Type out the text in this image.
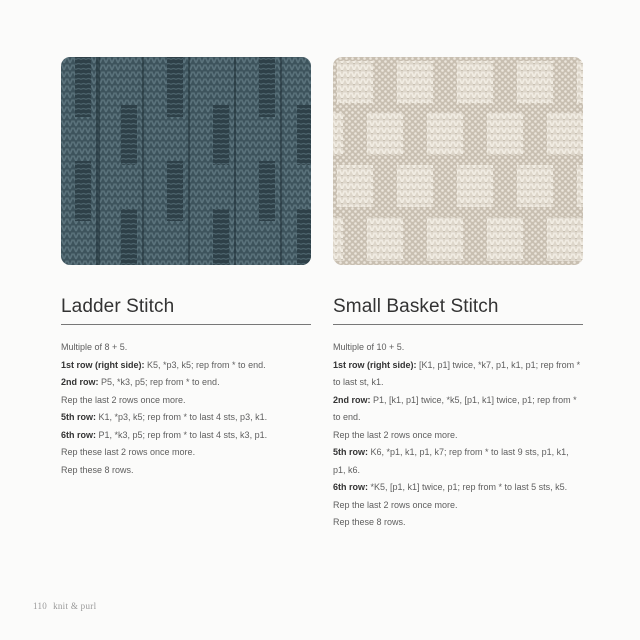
Ladder Stitch

Multiple of 8 + 5.

1st row (right side): K5, *p3, k5; rep from * to end.

2nd row: P5, *k3, p5; rep from * to end.

Rep the last 2 rows once more.

5th row: K1, *p3, k5; rep from * to last 4 sts, p3, k1.

6th row: P1, *k3, p5; rep from * to last 4 sts, k3, p1.

Rep these last 2 rows once more.

Rep these 8 rows.

Small Basket Stitch

Multiple of 10 + 5.

1st row (right side): [K1, p1] twice, *k7, p1, k1, p1; rep from * to last st, k1.

2nd row: P1, [k1, p1] twice, *k5, [p1, k1] twice, p1; rep from * to end.

Rep the last 2 rows once more.

5th row: K6, *p1, k1, p1, k7; rep from * to last 9 sts, p1, k1, p1, k6.

6th row: *K5, [p1, k1] twice, p1; rep from * to last 5 sts, k5.

Rep the last 2 rows once more.

Rep these 8 rows.

110 knit & purl
